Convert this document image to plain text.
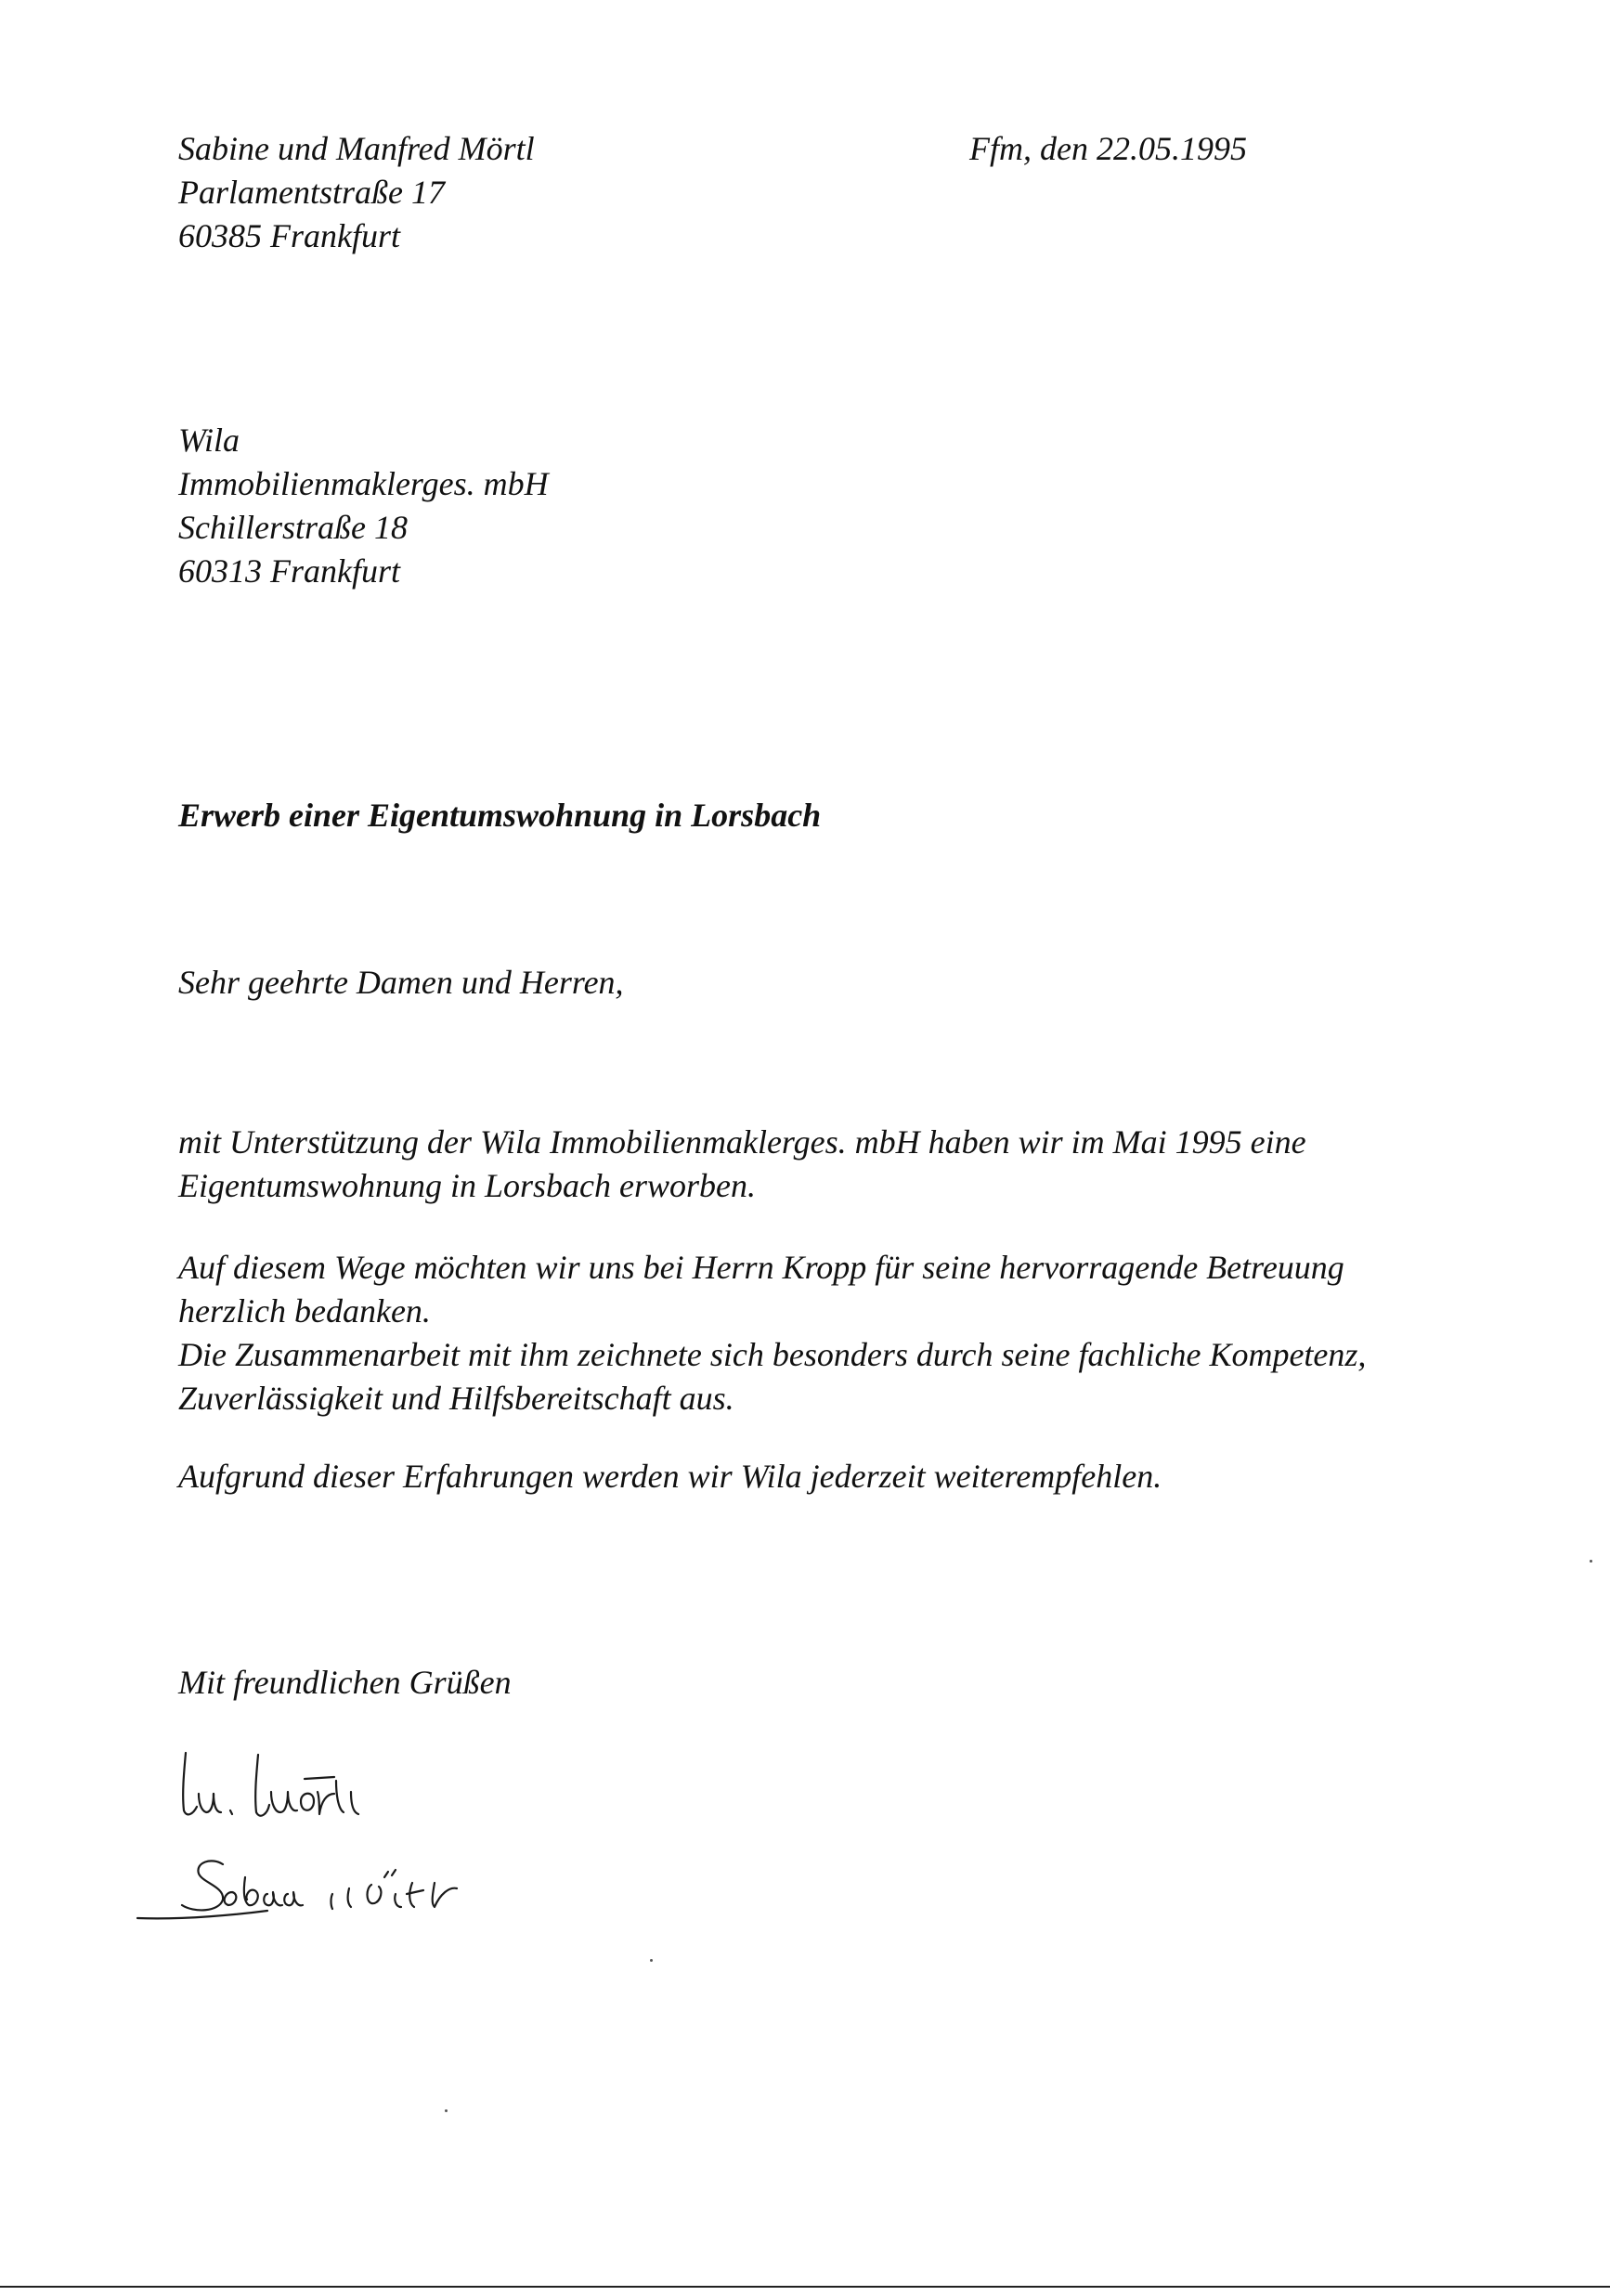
Sabine und Manfred Mörtl
Parlamentstraße 17
60385 Frankfurt
Ffm, den 22.05.1995
Wila
Immobilienmaklerges. mbH
Schillerstraße 18
60313 Frankfurt
Erwerb einer Eigentumswohnung in Lorsbach
Sehr geehrte Damen und Herren,
mit Unterstützung der Wila Immobilienmaklerges. mbH haben wir im Mai 1995 eine
Eigentumswohnung in Lorsbach erworben.
Auf diesem Wege möchten wir uns bei Herrn Kropp für seine hervorragende Betreuung
herzlich bedanken.
Die Zusammenarbeit mit ihm zeichnete sich besonders durch seine fachliche Kompetenz,
Zuverlässigkeit und Hilfsbereitschaft aus.
Aufgrund dieser Erfahrungen werden wir Wila jederzeit weiterempfehlen.
Mit freundlichen Grüßen
